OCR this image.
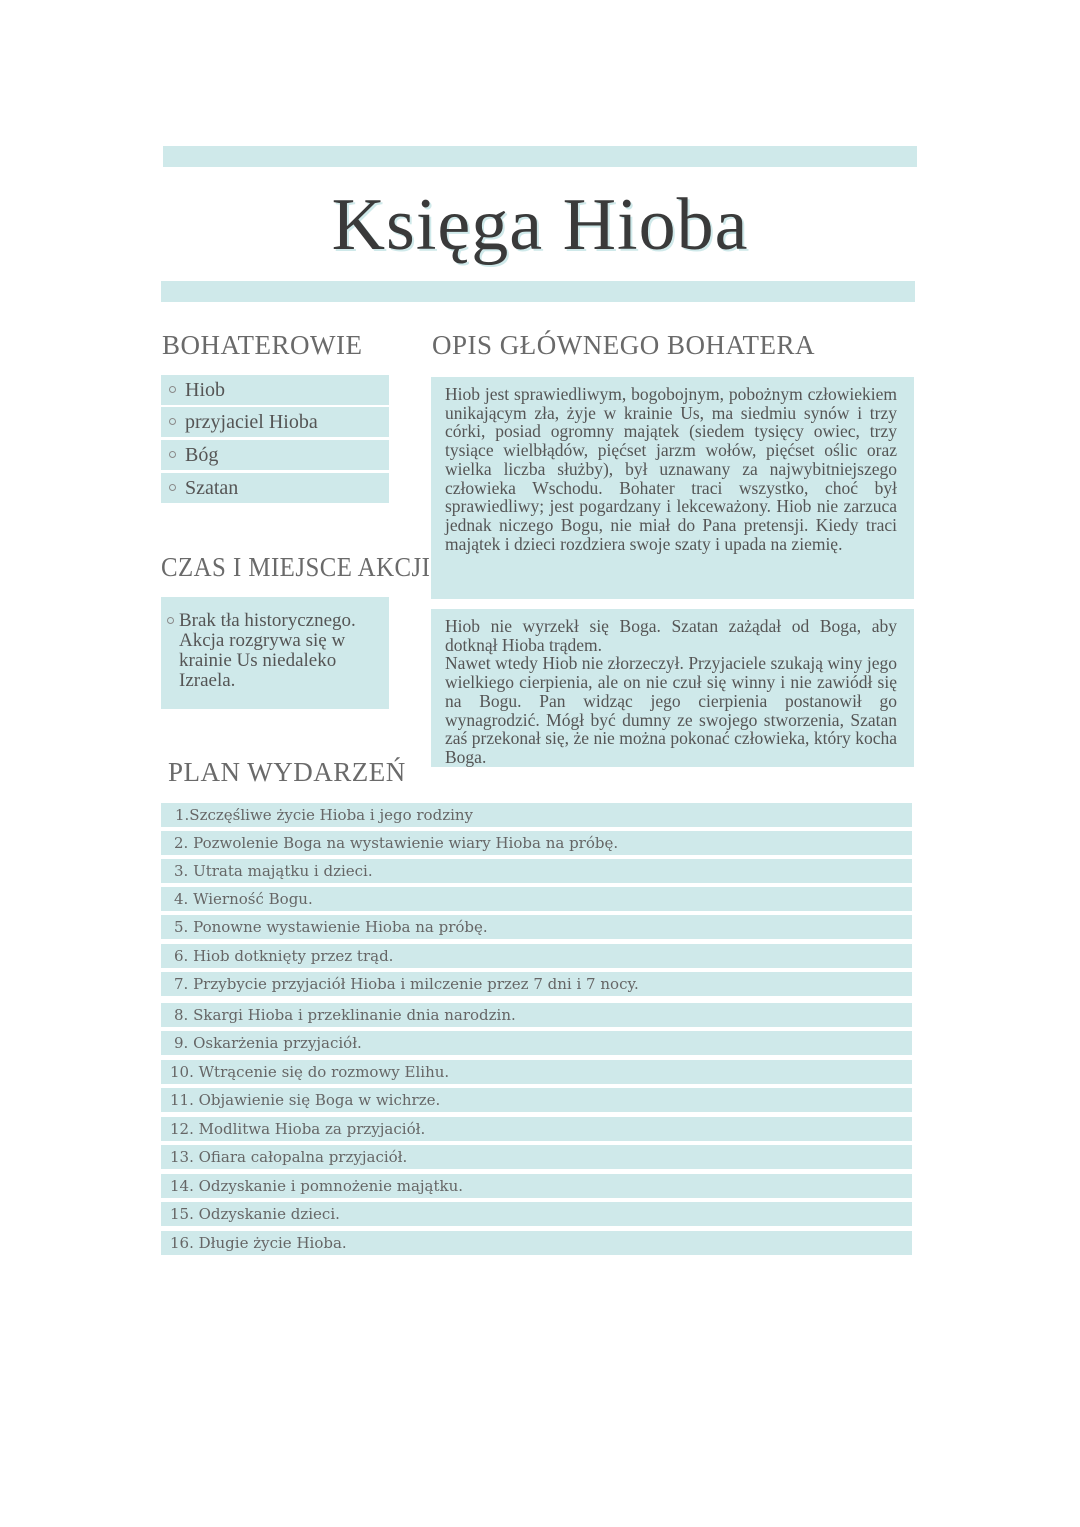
Księga Hioba
BOHATEROWIE	OPIS GŁÓWNEGO BOHATERA
Hiob
przyjaciel Hioba
Bóg
Szatan
CZAS I MIEJSCE AKCJI
Brak tła historycznego. Akcja rozgrywa się w krainie Us niedaleko Izraela.
Hiob jest sprawiedliwym, bogobojnym, pobożnym człowiekiem unikającym zła, żyje w krainie Us, ma siedmiu synów i trzy córki, posiad ogromny majątek (siedem tysięcy owiec, trzy tysiące wielbłądów, pięćset jarzm wołów, pięćset oślic oraz wielka liczba służby), był uznawany za najwybitniejszego człowieka Wschodu. Bohater traci wszystko, choć był sprawiedliwy; jest pogardzany i lekceważony. Hiob nie zarzuca jednak niczego Bogu, nie miał do Pana pretensji. Kiedy traci majątek i dzieci rozdziera swoje szaty i upada na ziemię.
Hiob nie wyrzekł się Boga. Szatan zażądał od Boga, aby dotknął Hioba trądem.
Nawet wtedy Hiob nie złorzeczył. Przyjaciele szukają winy jego wielkiego cierpienia, ale on nie czuł się winny i nie zawiódł się na Bogu. Pan widząc jego cierpienia postanowił go wynagrodzić. Mógł być dumny ze swojego stworzenia, Szatan zaś przekonał się, że nie można pokonać człowieka, który kocha Boga.
PLAN WYDARZEŃ
1.Szczęśliwe życie Hioba i jego rodziny
2. Pozwolenie Boga na wystawienie wiary Hioba na próbę.
3. Utrata majątku i dzieci.
4. Wierność Bogu.
5. Ponowne wystawienie Hioba na próbę.
6. Hiob dotknięty przez trąd.
7. Przybycie przyjaciół Hioba i milczenie przez 7 dni i 7 nocy.
8. Skargi Hioba i przeklinanie dnia narodzin.
9. Oskarżenia przyjaciół.
10. Wtrącenie się do rozmowy Elihu.
11. Objawienie się Boga w wichrze.
12. Modlitwa Hioba za przyjaciół.
13. Ofiara całopalna przyjaciół.
14. Odzyskanie i pomnożenie majątku.
15. Odzyskanie dzieci.
16. Długie życie Hioba.
